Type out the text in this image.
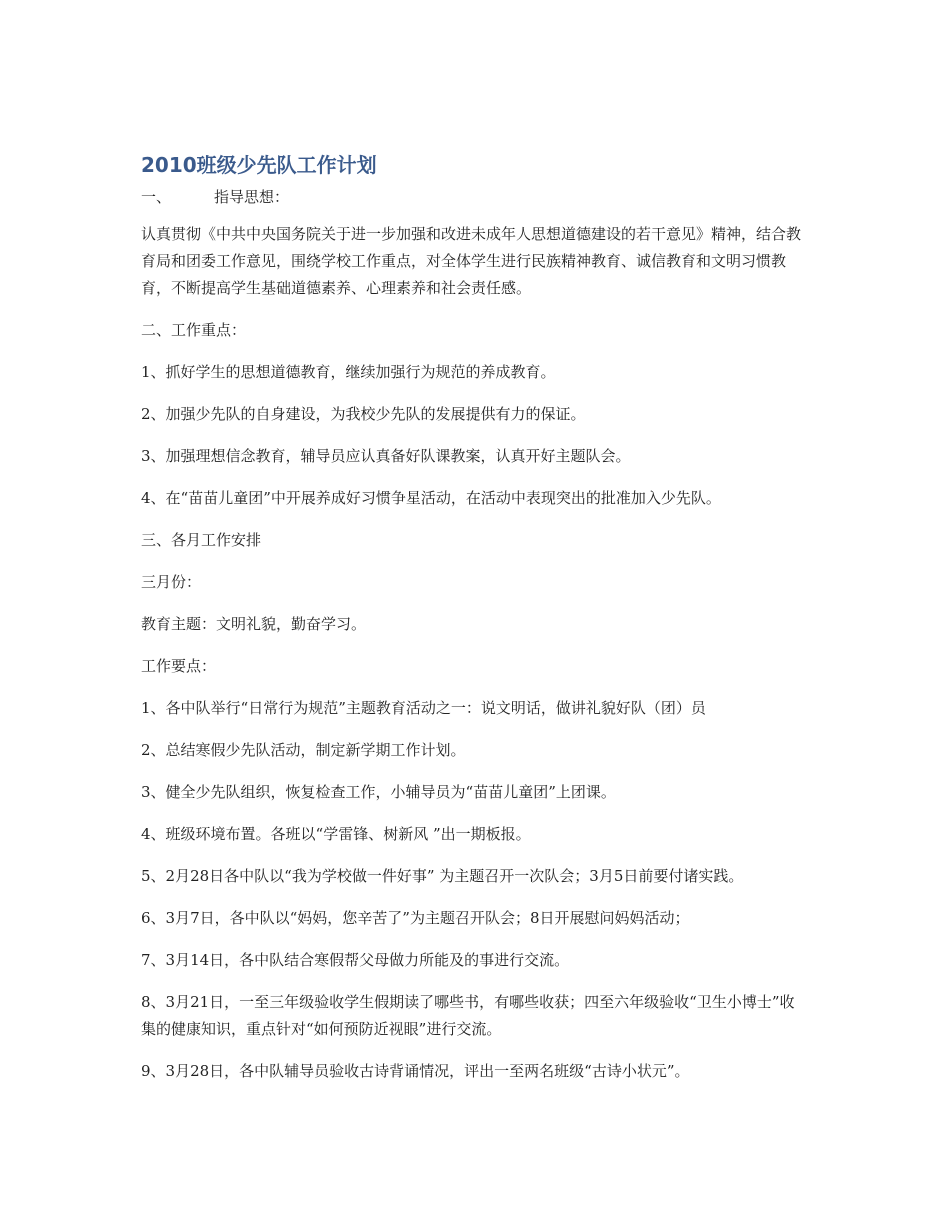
2010班级少先队工作计划

一、	指导思想：

认真贯彻《中共中央国务院关于进一步加强和改进未成年人思想道德建设的若干意见》精神，结合教育局和团委工作意见，围绕学校工作重点，对全体学生进行民族精神教育、诚信教育和文明习惯教育，不断提高学生基础道德素养、心理素养和社会责任感。

二、工作重点：

1、抓好学生的思想道德教育，继续加强行为规范的养成教育。

2、加强少先队的自身建设，为我校少先队的发展提供有力的保证。

3、加强理想信念教育，辅导员应认真备好队课教案，认真开好主题队会。

4、在“苗苗儿童团”中开展养成好习惯争星活动，在活动中表现突出的批准加入少先队。

三、各月工作安排

三月份：

教育主题：文明礼貌，勤奋学习。

工作要点：

1、各中队举行“日常行为规范”主题教育活动之一：说文明话，做讲礼貌好队（团）员

2、总结寒假少先队活动，制定新学期工作计划。

3、健全少先队组织，恢复检查工作，小辅导员为“苗苗儿童团”上团课。

4、班级环境布置。各班以“学雷锋、树新风 ”出一期板报。

5、2月28日各中队以“我为学校做一件好事” 为主题召开一次队会；3月5日前要付诸实践。

6、3月7日，各中队以“妈妈，您辛苦了”为主题召开队会；8日开展慰问妈妈活动；

7、3月14日，各中队结合寒假帮父母做力所能及的事进行交流。

8、3月21日，一至三年级验收学生假期读了哪些书，有哪些收获；四至六年级验收“卫生小博士”收集的健康知识，重点针对“如何预防近视眼”进行交流。

9、3月28日，各中队辅导员验收古诗背诵情况，评出一至两名班级“古诗小状元”。
